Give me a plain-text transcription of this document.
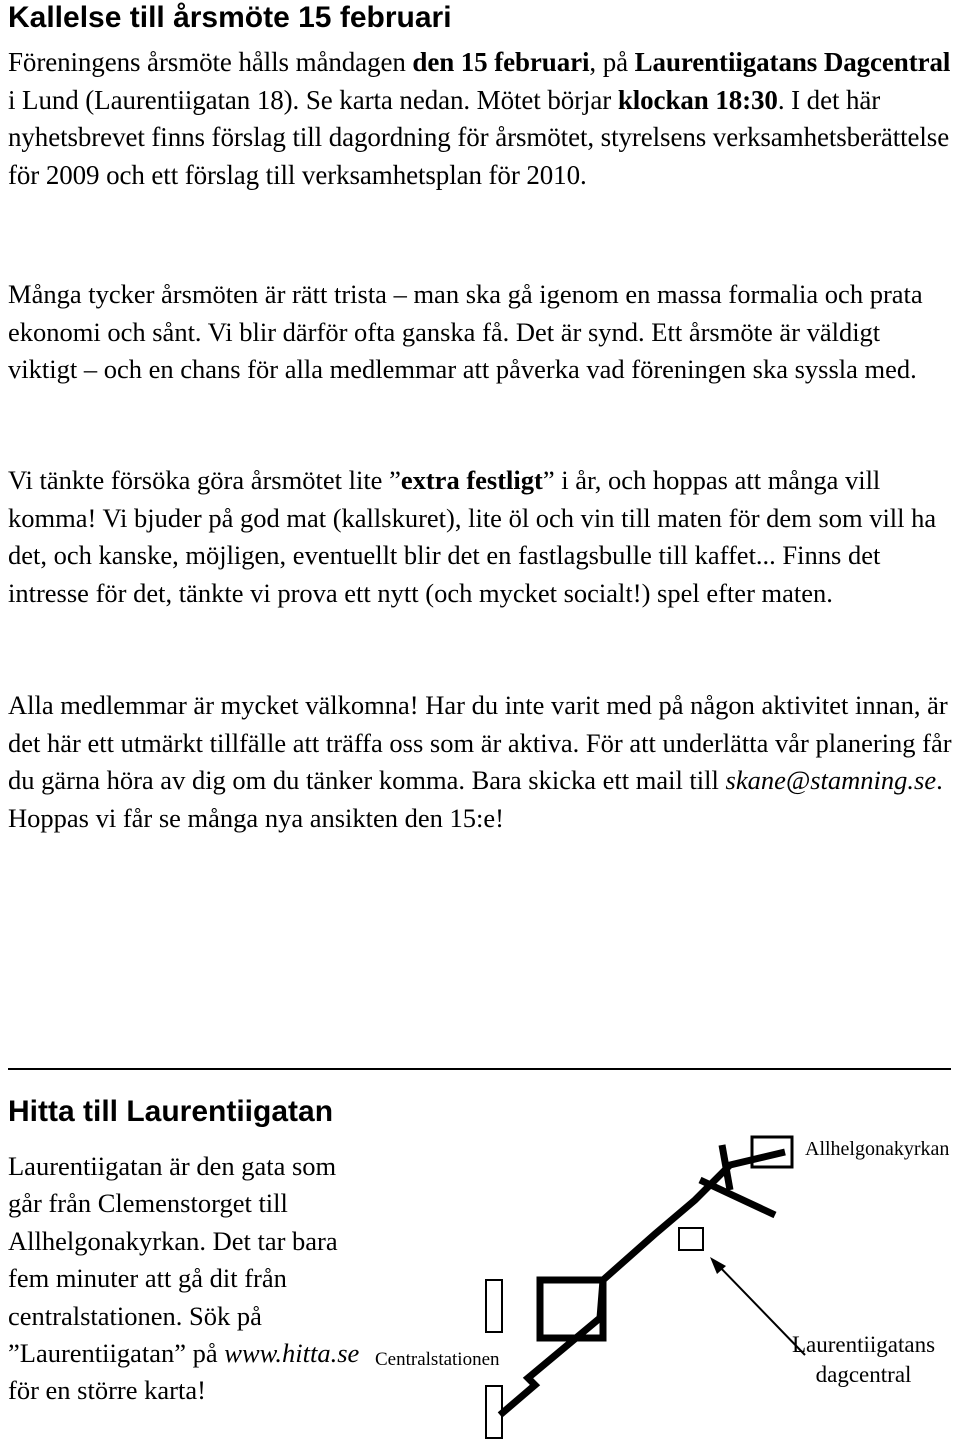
Kallelse till årsmöte 15 februari

Föreningens årsmöte hålls måndagen den 15 februari, på Laurentiigatans Dagcentral i Lund (Laurentiigatan 18). Se karta nedan. Mötet börjar klockan 18:30. I det här nyhetsbrevet finns förslag till dagordning för årsmötet, styrelsens verksamhetsberättelse för 2009 och ett förslag till verksamhetsplan för 2010.

Många tycker årsmöten är rätt trista – man ska gå igenom en massa formalia och prata ekonomi och sånt. Vi blir därför ofta ganska få. Det är synd. Ett årsmöte är väldigt viktigt – och en chans för alla medlemmar att påverka vad föreningen ska syssla med.

Vi tänkte försöka göra årsmötet lite ”extra festligt” i år, och hoppas att många vill komma! Vi bjuder på god mat (kallskuret), lite öl och vin till maten för dem som vill ha det, och kanske, möjligen, eventuellt blir det en fastlagsbulle till kaffet... Finns det intresse för det, tänkte vi prova ett nytt (och mycket socialt!) spel efter maten.

Alla medlemmar är mycket välkomna! Har du inte varit med på någon aktivitet innan, är det här ett utmärkt tillfälle att träffa oss som är aktiva. För att underlätta vår planering får du gärna höra av dig om du tänker komma. Bara skicka ett mail till skane@stamning.se. Hoppas vi får se många nya ansikten den 15:e!

Hitta till Laurentiigatan

Laurentiigatan är den gata som går från Clemenstorget till Allhelgonakyrkan. Det tar bara fem minuter att gå dit från centralstationen. Sök på ”Laurentiigatan” på www.hitta.se för en större karta!

Allhelgonakyrkan
Centralstationen
Laurentiigatans
dagcentral
